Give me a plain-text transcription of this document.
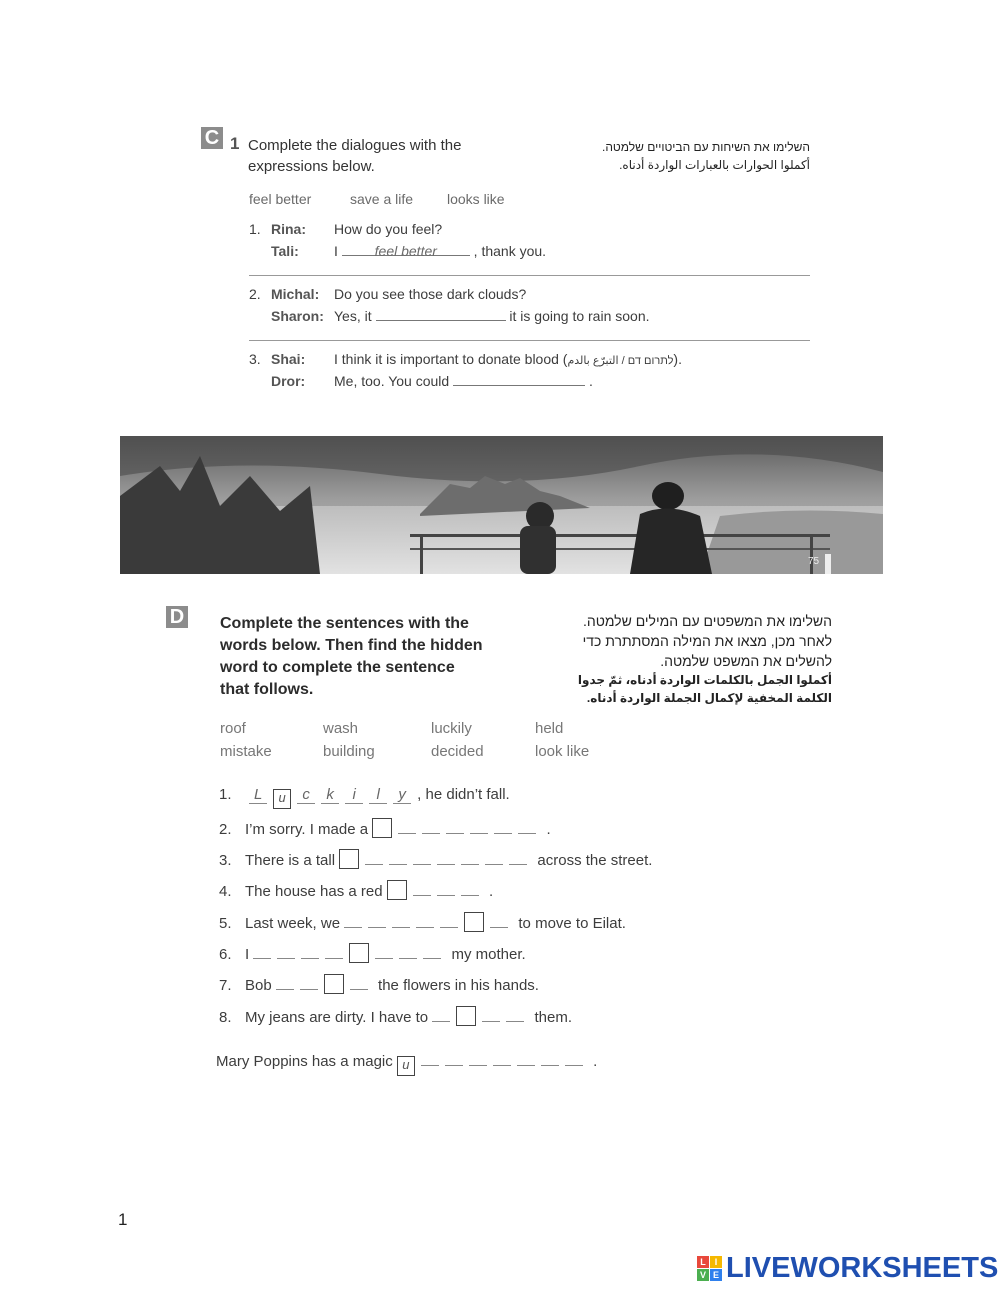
C 1 Complete the dialogues with the
expressions below.
השלימו את השיחות עם הביטויים שלמטה.
أكملوا الحوارات بالعبارات الواردة أدناه.
feel better	save a life looks like
1. Rina: How do you feel?
Tali:	I	feel better	, thank you.
2. Michal: Do you see those dark clouds?
Sharon: Yes, it	it is going to rain soon.
3. Shai: I think it is important to donate blood (לתרום דם / التبرّع بالدم).
Dror: Me, too. You could	.
75
D Complete the sentences with the
words below. Then find the hidden
word to complete the sentence
that follows.
השלימו את המשפטים עם המילים שלמטה.
לאחר מכן, מצאו את המילה המסתתרת כדי
להשלים את המשפט שלמטה.
أكملوا الجمل بالكلمات الواردة أدناه، ثمّ جدوا
الكلمة المخفية لإكمال الجملة الواردة أدناه.
roof	wash	luckily	held
mistake	building	decided	look like
1. L u c k i l y , he didn’t fall.
2. I’m sorry. I made a	.
3. There is a tall	across the street.
4. The house has a red	.
5. Last week, we	to move to Eilat.
6. I	my mother.
7. Bob	the flowers in his hands.
8. My jeans are dirty. I have to	them.
Mary Poppins has a magic u	.
1
L I
V E LIVEWORKSHEETS
